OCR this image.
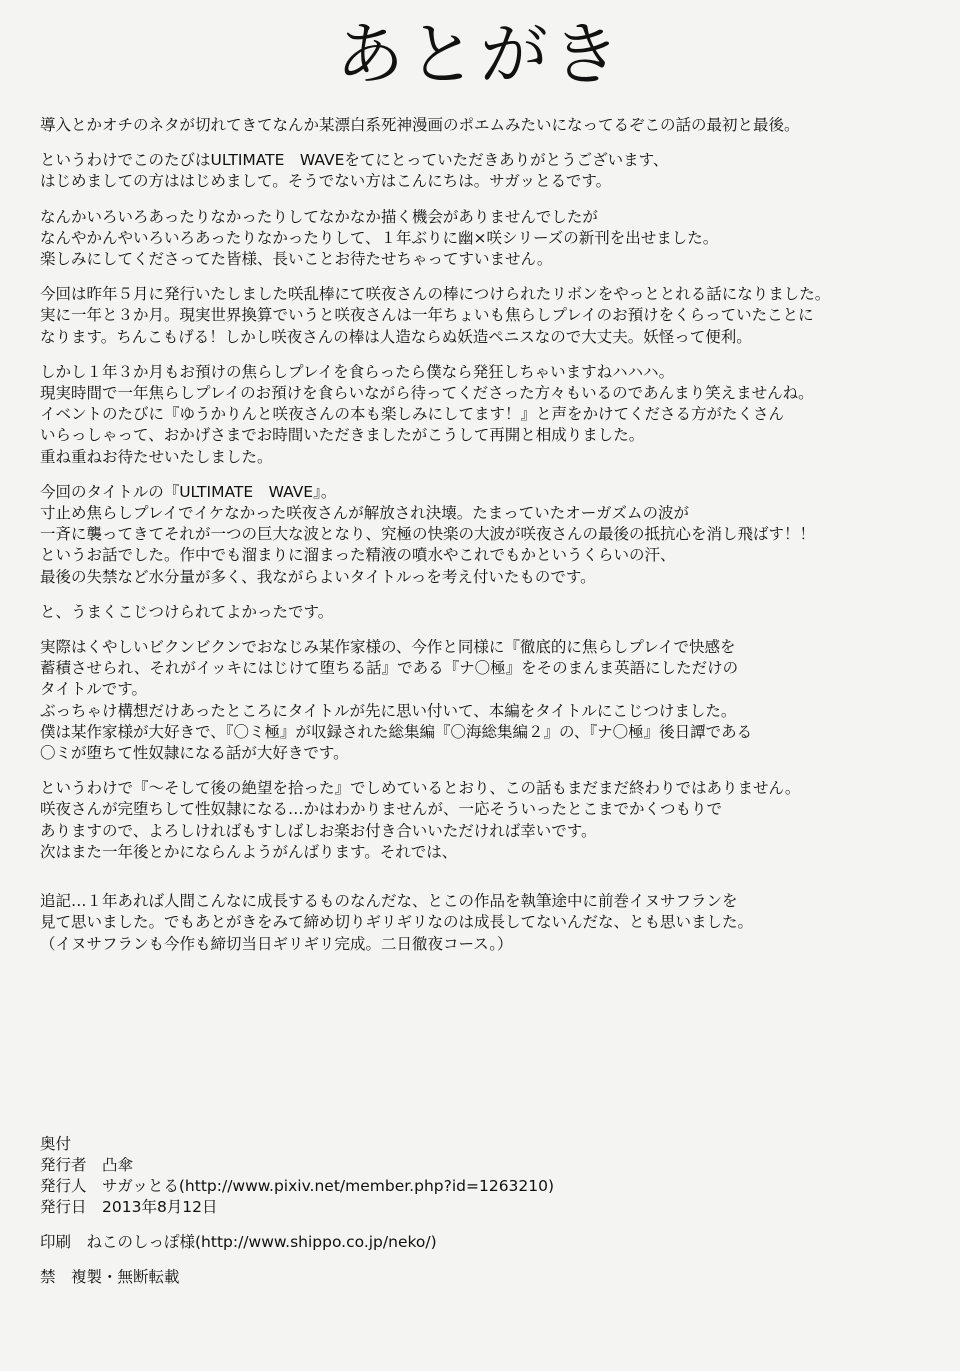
あとがき
導入とかオチのネタが切れてきてなんか某漂白系死神漫画のポエムみたいになってるぞこの話の最初と最後。
というわけでこのたびはULTIMATE　WAVEをてにとっていただきありがとうございます、
はじめましての方ははじめまして。そうでない方はこんにちは。サガッとるです。
なんかいろいろあったりなかったりしてなかなか描く機会がありませんでしたが
なんやかんやいろいろあったりなかったりして、１年ぶりに幽×咲シリーズの新刊を出せました。
楽しみにしてくださってた皆様、長いことお待たせちゃってすいません。
今回は昨年５月に発行いたしました咲乱棒にて咲夜さんの棒につけられたリボンをやっととれる話になりました。
実に一年と３か月。現実世界換算でいうと咲夜さんは一年ちょいも焦らしプレイのお預けをくらっていたことに
なります。ちんこもげる！しかし咲夜さんの棒は人造ならぬ妖造ペニスなので大丈夫。妖怪って便利。
しかし１年３か月もお預けの焦らしプレイを食らったら僕なら発狂しちゃいますねハハハ。
現実時間で一年焦らしプレイのお預けを食らいながら待ってくださった方々もいるのであんまり笑えませんね。
イベントのたびに『ゆうかりんと咲夜さんの本も楽しみにしてます！』と声をかけてくださる方がたくさん
いらっしゃって、おかげさまでお時間いただきましたがこうして再開と相成りました。
重ね重ねお待たせいたしました。
今回のタイトルの『ULTIMATE　WAVE』。
寸止め焦らしプレイでイケなかった咲夜さんが解放され決壊。たまっていたオーガズムの波が
一斉に襲ってきてそれが一つの巨大な波となり、究極の快楽の大波が咲夜さんの最後の抵抗心を消し飛ばす！！
というお話でした。作中でも溜まりに溜まった精液の噴水やこれでもかというくらいの汗、
最後の失禁など水分量が多く、我ながらよいタイトルっを考え付いたものです。
と、うまくこじつけられてよかったです。
実際はくやしいビクンビクンでおなじみ某作家様の、今作と同様に『徹底的に焦らしプレイで快感を
蓄積させられ、それがイッキにはじけて堕ちる話』である『ナ〇極』をそのまんま英語にしただけの
タイトルです。
ぶっちゃけ構想だけあったところにタイトルが先に思い付いて、本編をタイトルにこじつけました。
僕は某作家様が大好きで、『〇ミ極』が収録された総集編『〇海総集編２』の、『ナ〇極』後日譚である
〇ミが堕ちて性奴隷になる話が大好きです。
というわけで『～そして後の絶望を拾った』でしめているとおり、この話もまだまだ終わりではありません。
咲夜さんが完堕ちして性奴隷になる…かはわかりませんが、一応そういったとこまでかくつもりで
ありますので、よろしければもすしばしお楽お付き合いいただければ幸いです。
次はまた一年後とかにならんようがんばります。それでは、
追記…１年あれば人間こんなに成長するものなんだな、とこの作品を執筆途中に前巻イヌサフランを
見て思いました。でもあとがきをみて締め切りギリギリなのは成長してないんだな、とも思いました。
（イヌサフランも今作も締切当日ギリギリ完成。二日徹夜コース。）
奥付
発行者　凸傘
発行人　サガッとる(http://www.pixiv.net/member.php?id=1263210)
発行日　2013年8月12日
印刷　ねこのしっぽ様(http://www.shippo.co.jp/neko/)
禁　複製・無断転載
